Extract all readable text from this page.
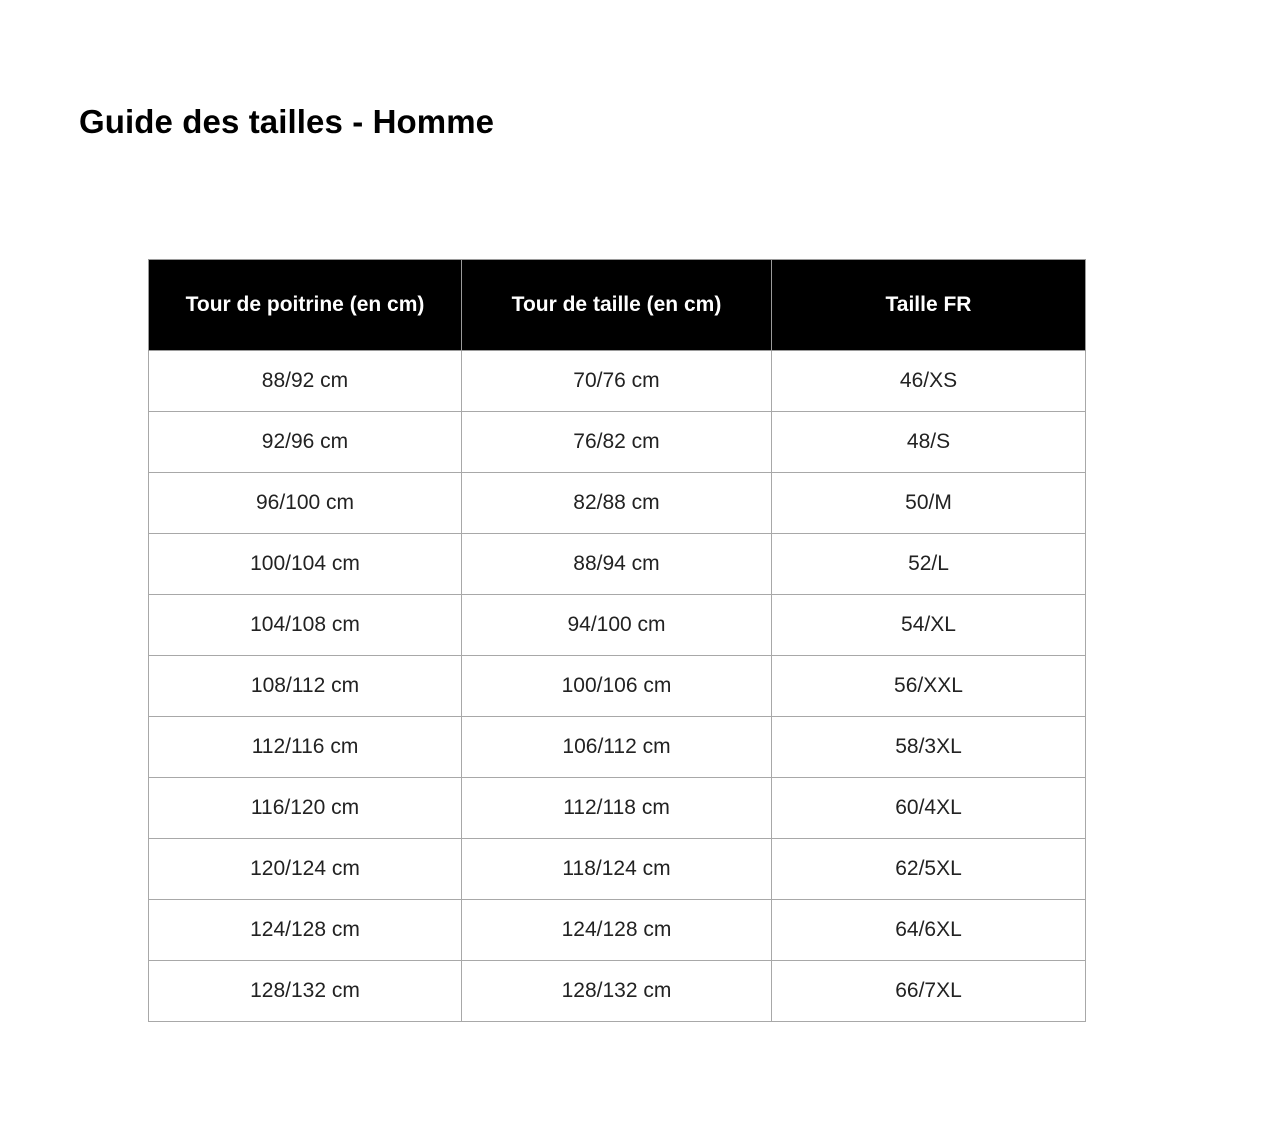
Guide des tailles - Homme
Tour de poitrine (en cm)	Tour de taille (en cm)	Taille FR
88/92 cm	70/76 cm	46/XS
92/96 cm	76/82 cm	48/S
96/100 cm	82/88 cm	50/M
100/104 cm	88/94 cm	52/L
104/108 cm	94/100 cm	54/XL
108/112 cm	100/106 cm	56/XXL
112/116 cm	106/112 cm	58/3XL
116/120 cm	112/118 cm	60/4XL
120/124 cm	118/124 cm	62/5XL
124/128 cm	124/128 cm	64/6XL
128/132 cm	128/132 cm	66/7XL
